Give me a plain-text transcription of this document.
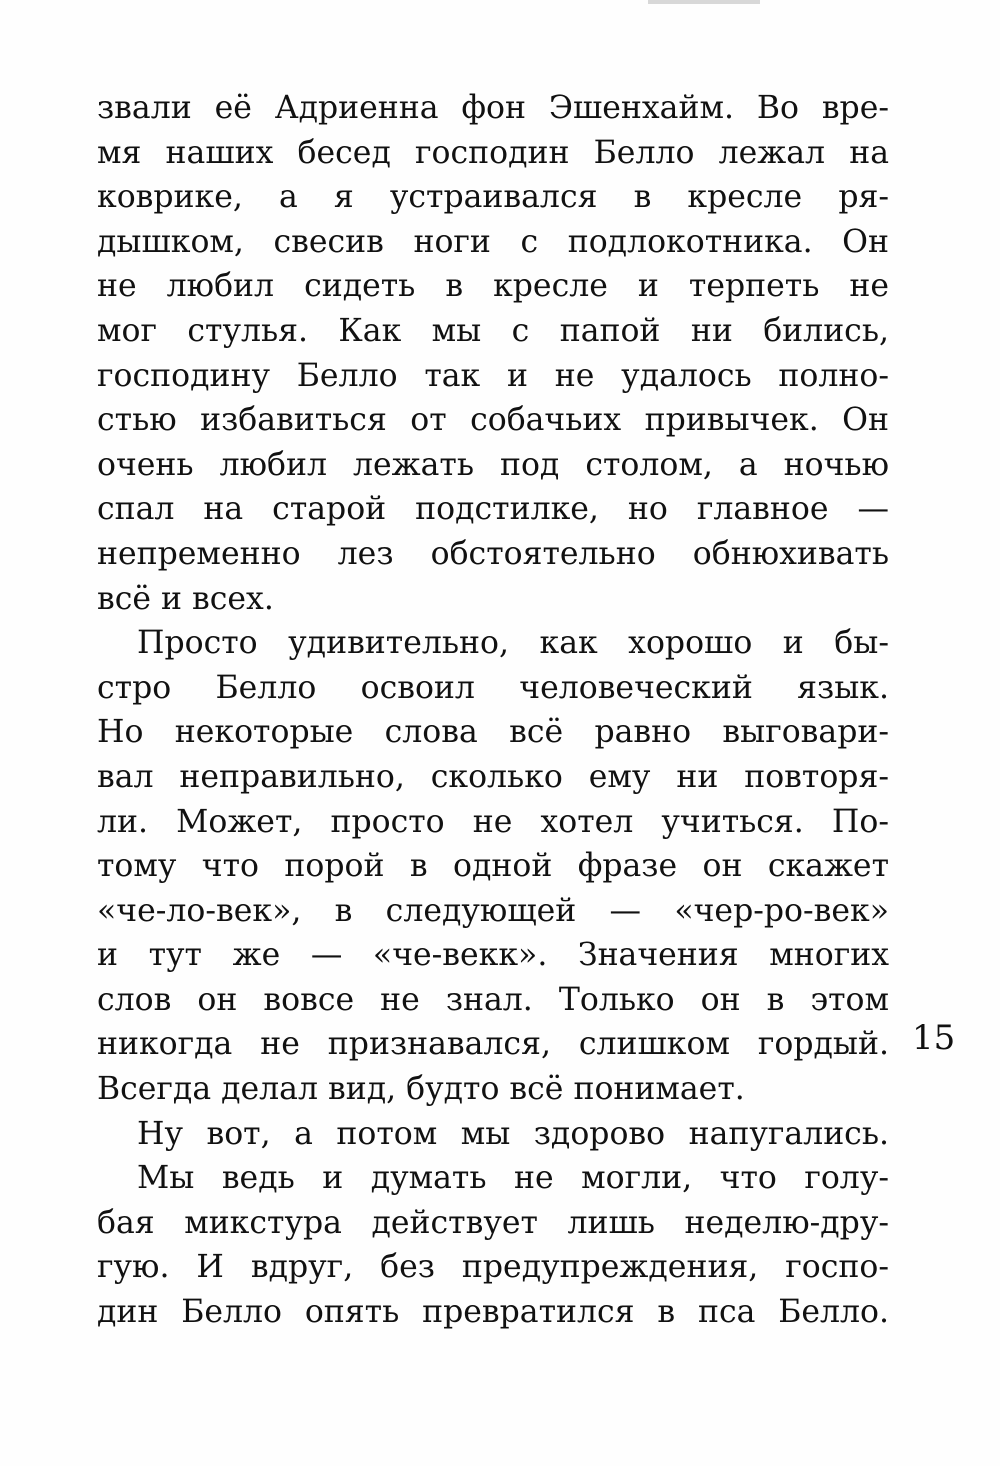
звали её Адриенна фон Эшенхайм. Во вре-
мя наших бесед господин Белло лежал на
коврике, а я устраивался в кресле ря-
дышком, свесив ноги с подлокотника. Он
не любил сидеть в кресле и терпеть не
мог стулья. Как мы с папой ни бились,
господину Белло так и не удалось полно-
стью избавиться от собачьих привычек. Он
очень любил лежать под столом, а ночью
спал на старой подстилке, но главное —
непременно лез обстоятельно обнюхивать
всё и всех.
Просто удивительно, как хорошо и бы-
стро Белло освоил человеческий язык.
Но некоторые слова всё равно выговари-
вал неправильно, сколько ему ни повторя-
ли. Может, просто не хотел учиться. По-
тому что порой в одной фразе он скажет
«че-ло-век», в следующей — «чер-ро-век»
и тут же — «че-векк». Значения многих
слов он вовсе не знал. Только он в этом
никогда не признавался, слишком гордый.
Всегда делал вид, будто всё понимает.
Ну вот, а потом мы здорово напугались.
Мы ведь и думать не могли, что голу-
бая микстура действует лишь неделю-дру-
гую. И вдруг, без предупреждения, госпо-
дин Белло опять превратился в пса Белло.
15
